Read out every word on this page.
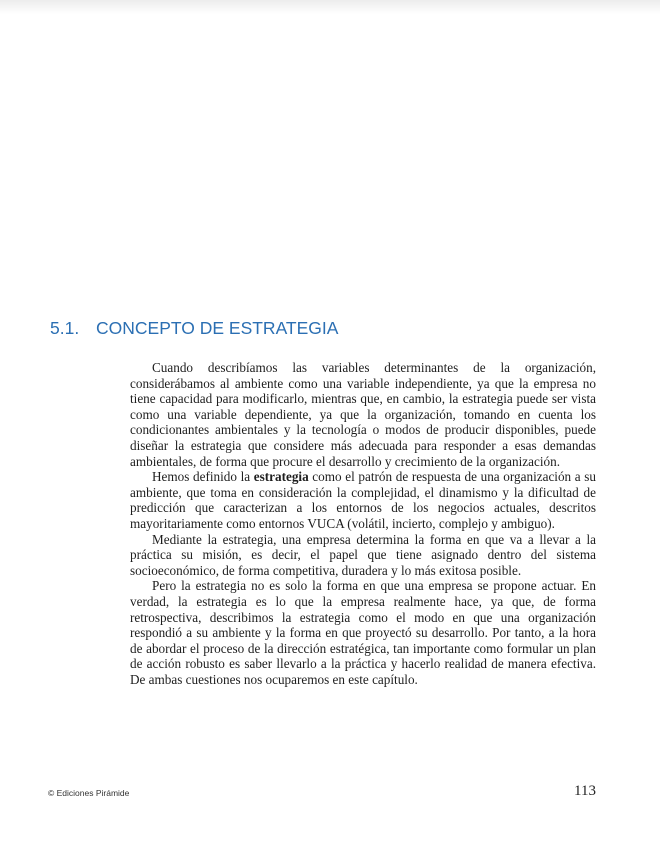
5.1. CONCEPTO DE ESTRATEGIA

Cuando describíamos las variables determinantes de la organización, considerábamos al ambiente como una variable independiente, ya que la empresa no tiene capacidad para modificarlo, mientras que, en cambio, la estrategia puede ser vista como una variable dependiente, ya que la organización, tomando en cuenta los condicionantes ambientales y la tecnología o modos de producir disponibles, puede diseñar la estrategia que considere más adecuada para responder a esas demandas ambientales, de forma que procure el desarrollo y crecimiento de la organización.

Hemos definido la estrategia como el patrón de respuesta de una organización a su ambiente, que toma en consideración la complejidad, el dinamismo y la dificultad de predicción que caracterizan a los entornos de los negocios actuales, descritos mayoritariamente como entornos VUCA (volátil, incierto, complejo y ambiguo).

Mediante la estrategia, una empresa determina la forma en que va a llevar a la práctica su misión, es decir, el papel que tiene asignado dentro del sistema socioeconómico, de forma competitiva, duradera y lo más exitosa posible.

Pero la estrategia no es solo la forma en que una empresa se propone actuar. En verdad, la estrategia es lo que la empresa realmente hace, ya que, de forma retrospectiva, describimos la estrategia como el modo en que una organización respondió a su ambiente y la forma en que proyectó su desarrollo. Por tanto, a la hora de abordar el proceso de la dirección estratégica, tan importante como formular un plan de acción robusto es saber llevarlo a la práctica y hacerlo realidad de manera efectiva. De ambas cuestiones nos ocuparemos en este capítulo.

© Ediciones Pirámide	113
